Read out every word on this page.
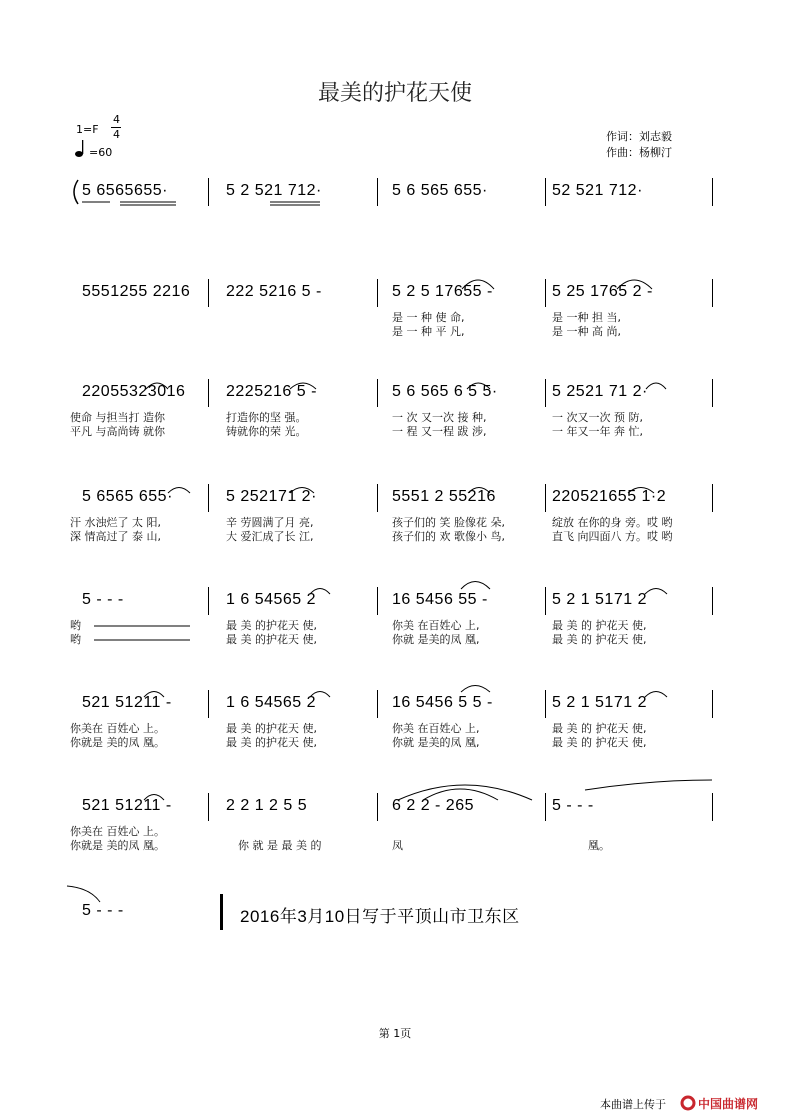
最美的护花天使
1=F
4
4
=60
作词：刘志毅
作曲：杨柳汀
5 6565655·	5 2 521 712·	5 6 565 655·	52 521 712·
5551255 2216 222 5216 5 -	5 2 5 17655 -	5 25 1765 2 -
是 一 种 使 命,	是 一种 担 当,
是 一 种 平 凡,	是 一种 高 尚,
22055323016	2225216 5 -	5 6 565 6 5 5·	5 2521 71 2·
使命 与担当打 造你	打造你的坚 强。	一 次 又一次 接 种,	一 次又一次 预 防,
平凡 与高尚铸 就你	铸就你的荣 光。	一 程 又一程 跋 涉,	一 年又一年 奔 忙,
5 6565 655·	5 252171 2·	5551 2 55216	220521655 1·2
汗 水浊烂了 太 阳,	辛 劳圆满了月 亮,	孩子们的 笑 脸像花 朵,	绽放 在你的身 旁。哎 哟
深 情高过了 泰 山,	大 爱汇成了长 江,	孩子们的 欢 歌像小 鸟,	直飞 向四面八 方。哎 哟
5 - - -	1 6 54565 2	16 5456 55 -	5 2 1 5171 2
哟	最 美 的护花天 使,	你美 在百姓心 上,	最 美 的 护花天 使,
哟	最 美 的护花天 使,	你就 是美的凤 凰,	最 美 的 护花天 使,
521 51211 -	1 6 54565 2	16 5456 5 5 -	5 2 1 5171 2
你美在 百姓心 上。	最 美 的护花天 使,	你美 在百姓心 上,	最 美 的 护花天 使,
你就是 美的凤 凰。	最 美 的护花天 使,	你就 是美的凤 凰,	最 美 的 护花天 使,
521 51211 -	2 2 1 2 5 5	6 2 2 - 265	5 - - -
你美在 百姓心 上。
你就是 美的凤 凰。	你 就 是 最 美 的	凤	凰。
5 - - -	2016年3月10日写于平顶山市卫东区
第 1页
本曲谱上传于	中国曲谱网
